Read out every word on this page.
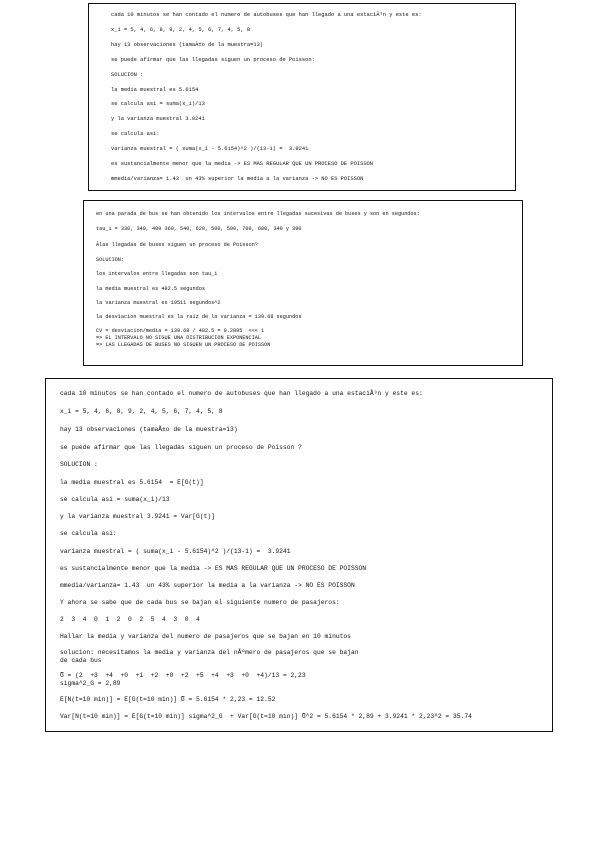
cada 10 minutos se han contado el numero de autobuses que han llegado a una estaciÃ³n y este es:
x_i = 5, 4, 6, 8, 9, 2, 4, 5, 6, 7, 4, 5, 8
hay 13 observaciones (tamaÃ±o de la muestra=13)
se puede afirmar que las llegadas siguen un proceso de Poisson:
SOLUCION :
la media muestral es 5.6154
se calcula asi = suma(x_i)/13
y la varianza muestral 3.9241
se calcula asi:
varianza muestral = ( suma(x_i - 5.6154)^2 )/(13-1) =  3.9241
es sustancialmente menor que la media -> ES MAS REGULAR QUE UN PROCESO DE POISSON
mmedia/varianza= 1.43  un 43% superior la media a la varianza -> NO ES POISSON
en una parada de bus se han obtenido los intervalos entre llegadas sucesivas de buses y son en segundos:
tau_i = 330, 340, 400 360, 540, 620, 500, 590, 700, 680, 340 y 390
Âlas llegadas de buses siguen un proceso de Poisson?
SOLUCION:
los intervalos entre llegadas son tau_i
la media muestral es 482.5 segundos
la varianza muestral es 19511 segundos^2
la desviacion muestral es la raiz de la varianza = 139.68 segundos
CV = desviacion/media = 139.68 / 482.5 = 0.2895  <<< 1
=> EL INTERVALO NO SIGUE UNA DISTRIBUCION EXPONENCIAL
=> LAS LLEGADAS DE BUSES NO SIGUEN UN PROCESO DE POISSON
cada 10 minutos se han contado el numero de autobuses que han llegado a una estaciÃ³n y este es:
x_i = 5, 4, 6, 8, 9, 2, 4, 5, 6, 7, 4, 5, 8
hay 13 observaciones (tamaÃ±o de la muestra=13)
se puede afirmar que las llegadas siguen un proceso de Poisson ?
SOLUCION :
la media muestral es 5.6154  = E[G(t)]
se calcula asi = suma(x_i)/13
y la varianza muestral 3.9241 = Var[G(t)]
se calcula asi:
varianza muestral = ( suma(x_i - 5.6154)^2 )/(13-1) =  3.9241
es sustancialmente menor que la media -> ES MAS REGULAR QUE UN PROCESO DE POISSON
mmedia/varianza= 1.43  un 43% superior la media a la varianza -> NO ES POISSON
Y ahora se sabe que de cada bus se bajan el siguiente numero de pasajeros:
2  3  4  0  1  2  0  2  5  4  3  0  4
Hallar la media y varianza del numero de pasajeros que se bajan en 10 minutos
solucion: necesitamos la media y varianza del nÃºmero de pasajeros que se bajan
de cada bus
G̅ = (2  +3  +4  +0  +1  +2  +0  +2  +5  +4  +3  +0  +4)/13 = 2,23
sigma^2_G = 2,89
E[N(t=10 min)] = E[G(t=10 min)] G̅ = 5.6154 * 2,23 = 12.52
Var[N(t=10 min)] = E[G(t=10 min)] sigma^2_G  + Var[G(t=10 min)] G̅^2 = 5.6154 * 2,89 + 3.9241 * 2,23^2 = 35.74
